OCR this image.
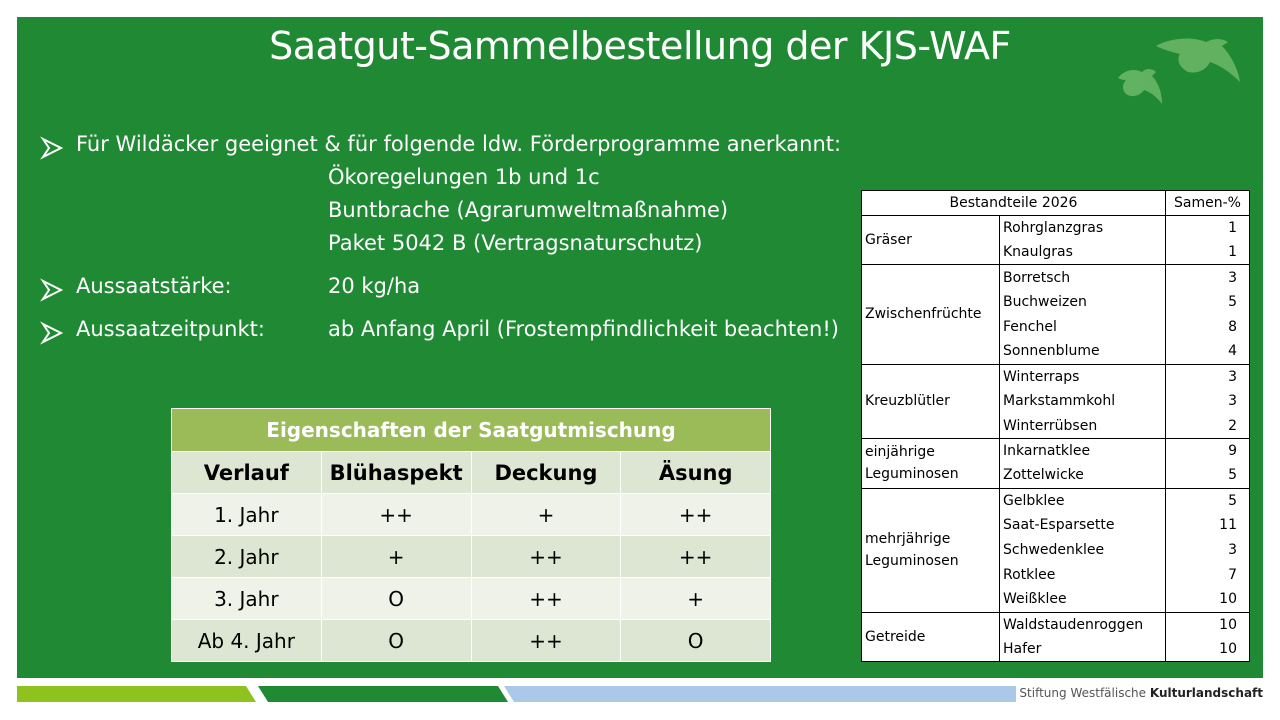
Saatgut-Sammelbestellung der KJS-WAF
Für Wildäcker geeignet & für folgende ldw. Förderprogramme anerkannt:
Ökoregelungen 1b und 1c
Buntbrache (Agrarumweltmaßnahme)
Paket 5042 B (Vertragsnaturschutz)
Aussaatstärke:	20 kg/ha
Aussaatzeitpunkt:	ab Anfang April (Frostempfindlichkeit beachten!)
Eigenschaften der Saatgutmischung			
Verlauf	Blühaspekt	Deckung	Äsung
1. Jahr	++	+	++
2. Jahr	+	++	++
3. Jahr	O	++	+
Ab 4. Jahr	O	++	O
Bestandteile 2026		Samen-%
Gräser	Rohrglanzgras	1
	Knaulgras	1
Zwischenfrüchte	Borretsch	3
	Buchweizen	5
	Fenchel	8
	Sonnenblume	4
Kreuzblütler	Winterraps	3
	Markstammkohl	3
	Winterrübsen	2
einjährige Leguminosen	Inkarnatklee	9
	Zottelwicke	5
mehrjährige Leguminosen	Gelbklee	5
	Saat-Esparsette	11
	Schwedenklee	3
	Rotklee	7
	Weißklee	10
Getreide	Waldstaudenroggen	10
	Hafer	10
Stiftung Westfälische Kulturlandschaft
